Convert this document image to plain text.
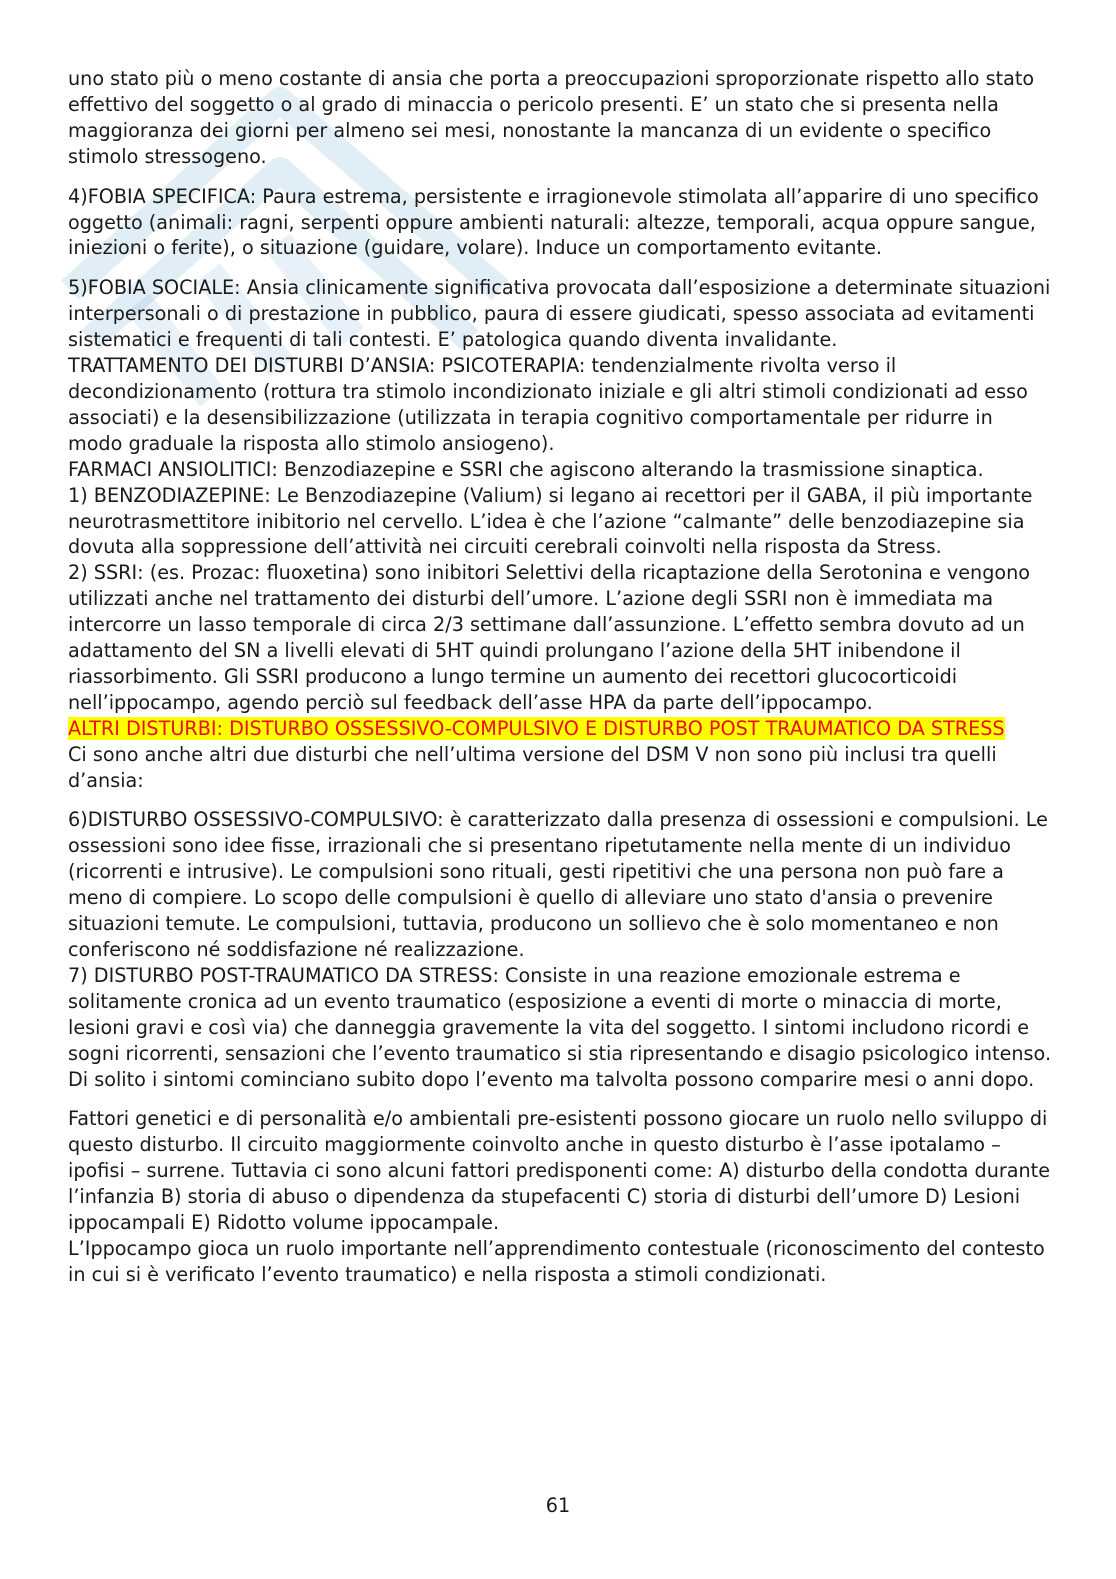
uno stato più o meno costante di ansia che porta a preoccupazioni sproporzionate rispetto allo stato effettivo del soggetto o al grado di minaccia o pericolo presenti. E’ un stato che si presenta nella maggioranza dei giorni per almeno sei mesi, nonostante la mancanza di un evidente o specifico stimolo stressogeno.

4)FOBIA SPECIFICA: Paura estrema, persistente e irragionevole stimolata all’apparire di uno specifico oggetto (animali: ragni, serpenti oppure ambienti naturali: altezze, temporali, acqua oppure sangue, iniezioni o ferite), o situazione (guidare, volare). Induce un comportamento evitante.

5)FOBIA SOCIALE: Ansia clinicamente significativa provocata dall’esposizione a determinate situazioni interpersonali o di prestazione in pubblico, paura di essere giudicati, spesso associata ad evitamenti sistematici e frequenti di tali contesti. E’ patologica quando diventa invalidante.

TRATTAMENTO DEI DISTURBI D’ANSIA: PSICOTERAPIA: tendenzialmente rivolta verso il decondizionamento (rottura tra stimolo incondizionato iniziale e gli altri stimoli condizionati ad esso associati) e la desensibilizzazione (utilizzata in terapia cognitivo comportamentale per ridurre in modo graduale la risposta allo stimolo ansiogeno).

FARMACI ANSIOLITICI: Benzodiazepine e SSRI che agiscono alterando la trasmissione sinaptica.

1) BENZODIAZEPINE: Le Benzodiazepine (Valium) si legano ai recettori per il GABA, il più importante neurotrasmettitore inibitorio nel cervello. L’idea è che l’azione “calmante” delle benzodiazepine sia dovuta alla soppressione dell’attività nei circuiti cerebrali coinvolti nella risposta da Stress.

2) SSRI: (es. Prozac: fluoxetina) sono inibitori Selettivi della ricaptazione della Serotonina e vengono utilizzati anche nel trattamento dei disturbi dell’umore. L’azione degli SSRI non è immediata ma intercorre un lasso temporale di circa 2/3 settimane dall’assunzione. L’effetto sembra dovuto ad un adattamento del SN a livelli elevati di 5HT quindi prolungano l’azione della 5HT inibendone il riassorbimento. Gli SSRI producono a lungo termine un aumento dei recettori glucocorticoidi nell’ippocampo, agendo perciò sul feedback dell’asse HPA da parte dell’ippocampo.

ALTRI DISTURBI: DISTURBO OSSESSIVO-COMPULSIVO E DISTURBO POST TRAUMATICO DA STRESS

Ci sono anche altri due disturbi che nell’ultima versione del DSM V non sono più inclusi tra quelli d’ansia:

6)DISTURBO OSSESSIVO-COMPULSIVO: è caratterizzato dalla presenza di ossessioni e compulsioni. Le ossessioni sono idee fisse, irrazionali che si presentano ripetutamente nella mente di un individuo (ricorrenti e intrusive). Le compulsioni sono rituali, gesti ripetitivi che una persona non può fare a meno di compiere. Lo scopo delle compulsioni è quello di alleviare uno stato d'ansia o prevenire situazioni temute. Le compulsioni, tuttavia, producono un sollievo che è solo momentaneo e non conferiscono né soddisfazione né realizzazione.

7) DISTURBO POST-TRAUMATICO DA STRESS: Consiste in una reazione emozionale estrema e solitamente cronica ad un evento traumatico (esposizione a eventi di morte o minaccia di morte, lesioni gravi e così via) che danneggia gravemente la vita del soggetto. I sintomi includono ricordi e sogni ricorrenti, sensazioni che l’evento traumatico si stia ripresentando e disagio psicologico intenso. Di solito i sintomi cominciano subito dopo l’evento ma talvolta possono comparire mesi o anni dopo.

Fattori genetici e di personalità e/o ambientali pre-esistenti possono giocare un ruolo nello sviluppo di questo disturbo. Il circuito maggiormente coinvolto anche in questo disturbo è l’asse ipotalamo – ipofisi – surrene. Tuttavia ci sono alcuni fattori predisponenti come: A) disturbo della condotta durante l’infanzia B) storia di abuso o dipendenza da stupefacenti C) storia di disturbi dell’umore D) Lesioni ippocampali E) Ridotto volume ippocampale.

L’Ippocampo gioca un ruolo importante nell’apprendimento contestuale (riconoscimento del contesto in cui si è verificato l’evento traumatico) e nella risposta a stimoli condizionati.

61
